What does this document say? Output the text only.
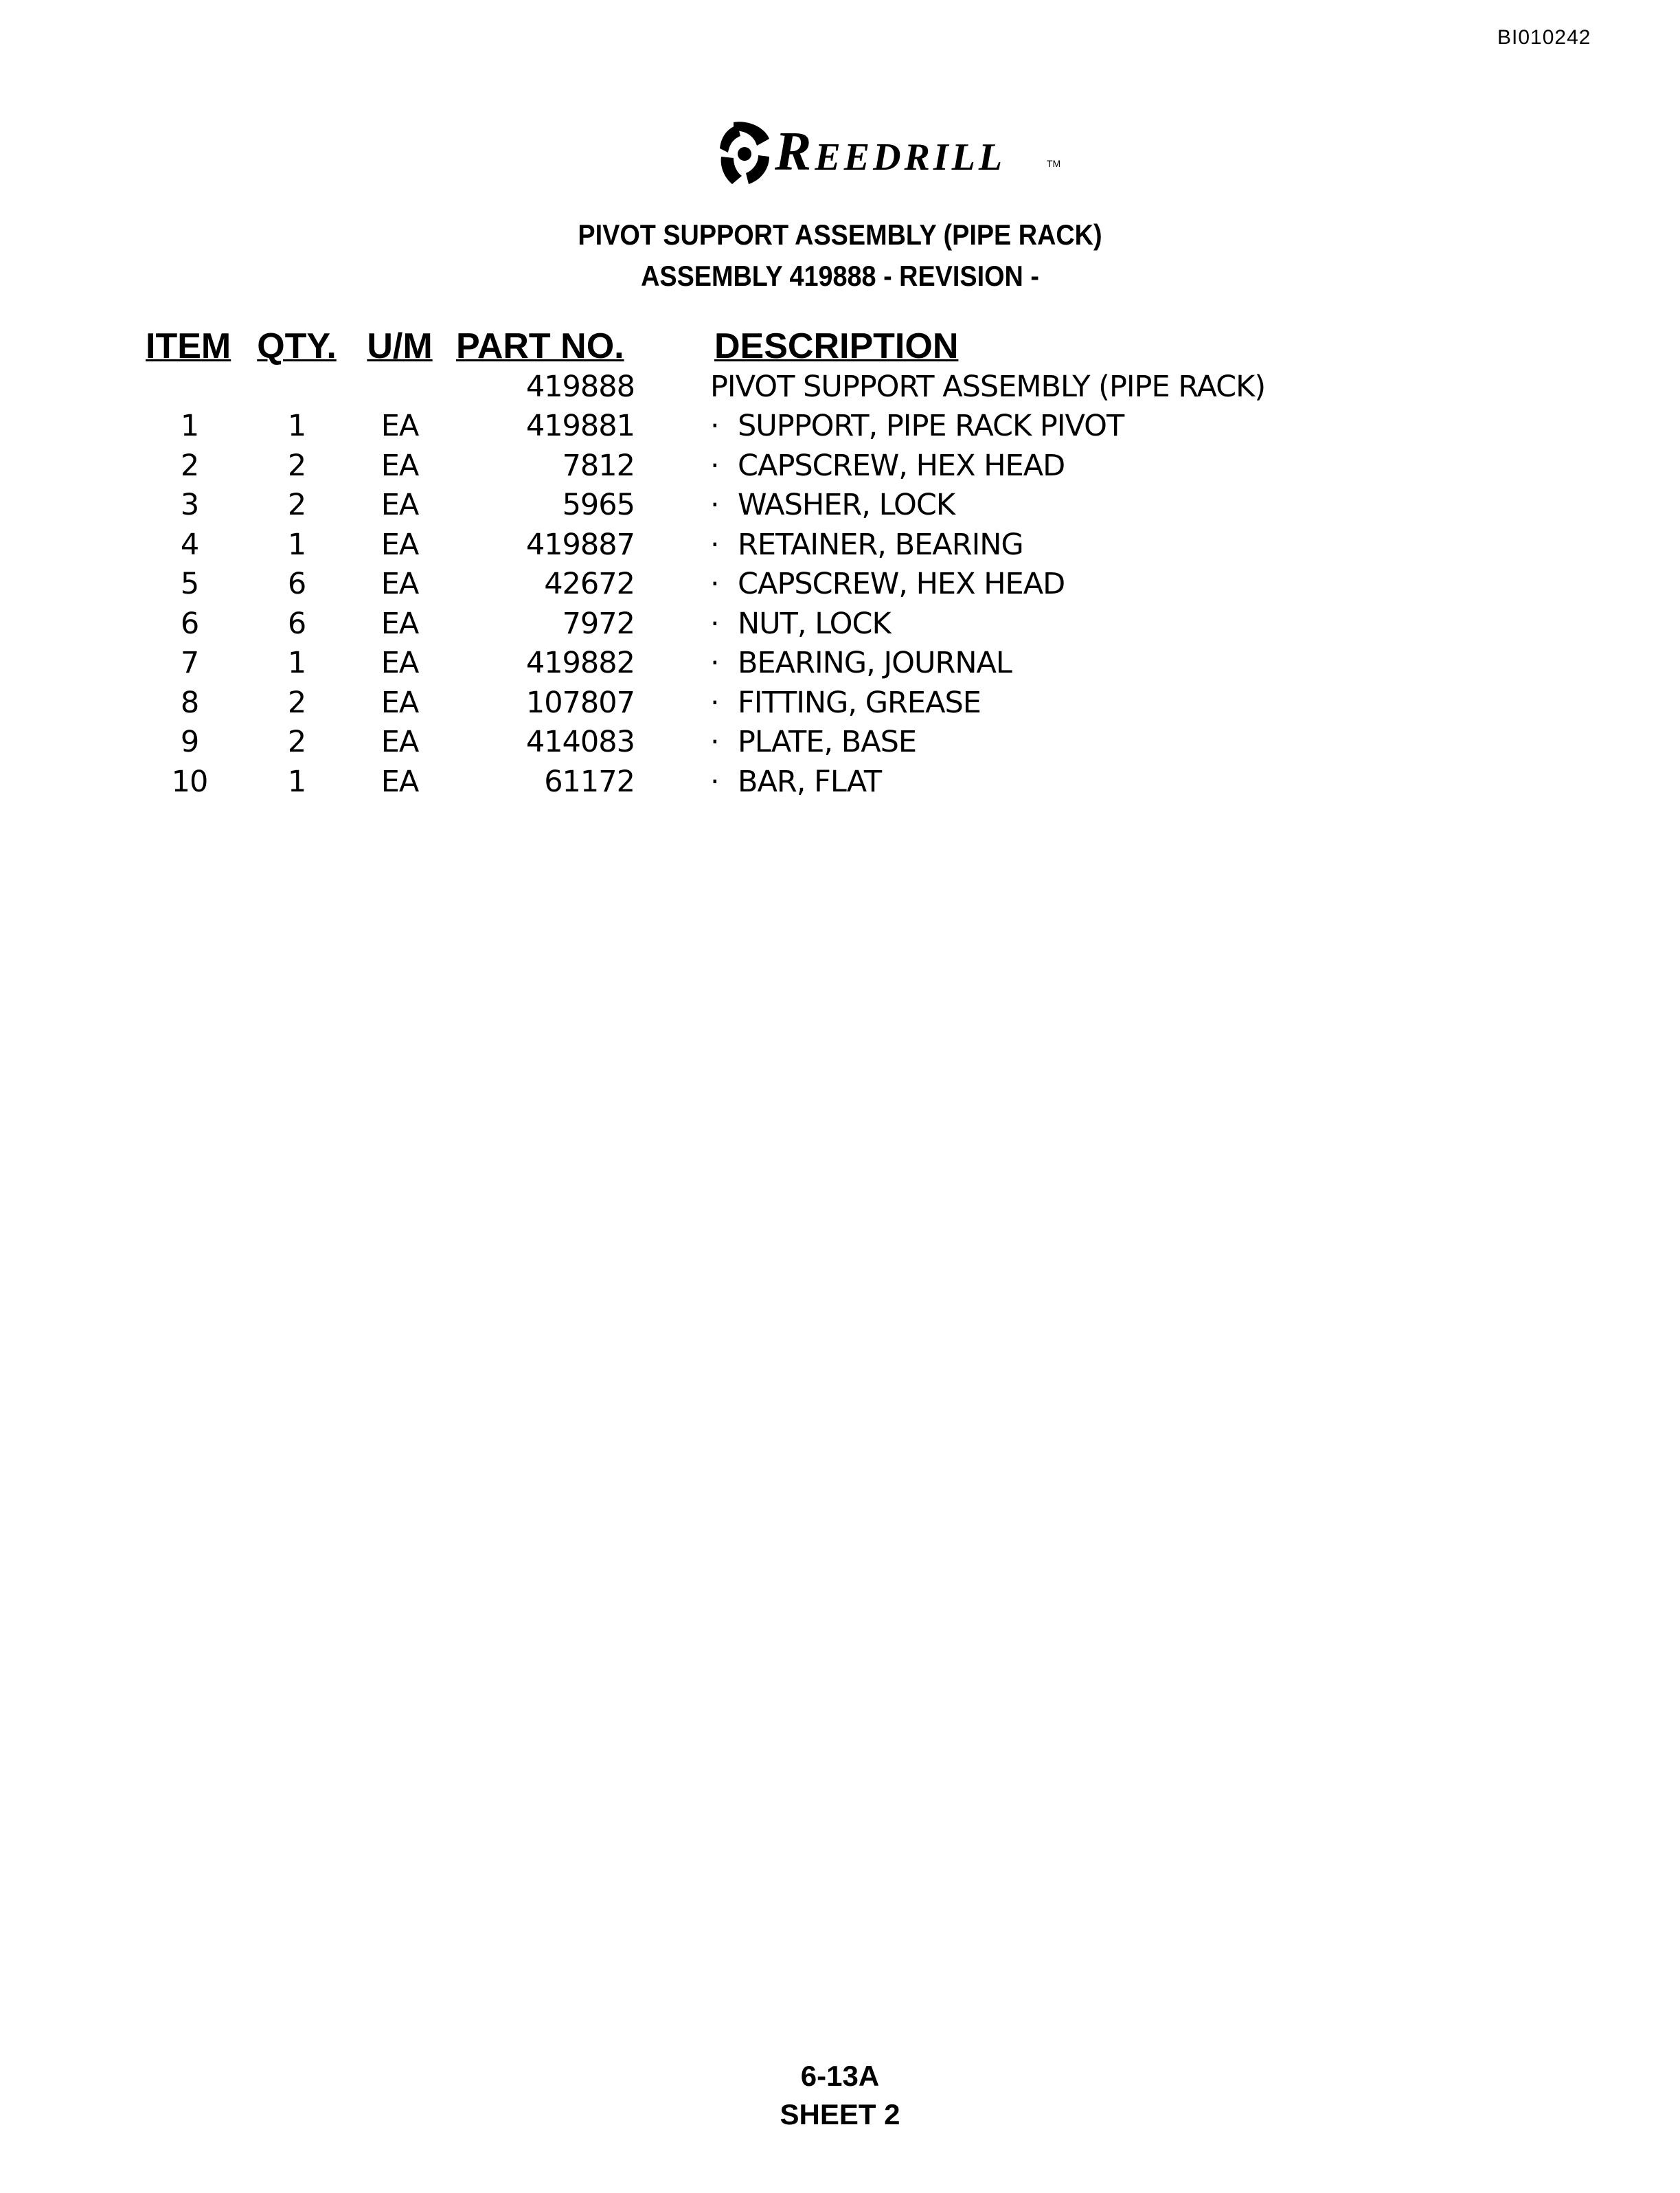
BI010242
Reedrill	TM
PIVOT SUPPORT ASSEMBLY (PIPE RACK)
ASSEMBLY 419888 - REVISION -
ITEM	QTY.	U/M	PART NO.		DESCRIPTION
			419888		PIVOT SUPPORT ASSEMBLY (PIPE RACK)
1	1	EA	419881		· SUPPORT, PIPE RACK PIVOT
2	2	EA	7812		· CAPSCREW, HEX HEAD
3	2	EA	5965		· WASHER, LOCK
4	1	EA	419887		· RETAINER, BEARING
5	6	EA	42672		· CAPSCREW, HEX HEAD
6	6	EA	7972		· NUT, LOCK
7	1	EA	419882		· BEARING, JOURNAL
8	2	EA	107807		· FITTING, GREASE
9	2	EA	414083		· PLATE, BASE
10	1	EA	61172		· BAR, FLAT
6-13A
SHEET 2
